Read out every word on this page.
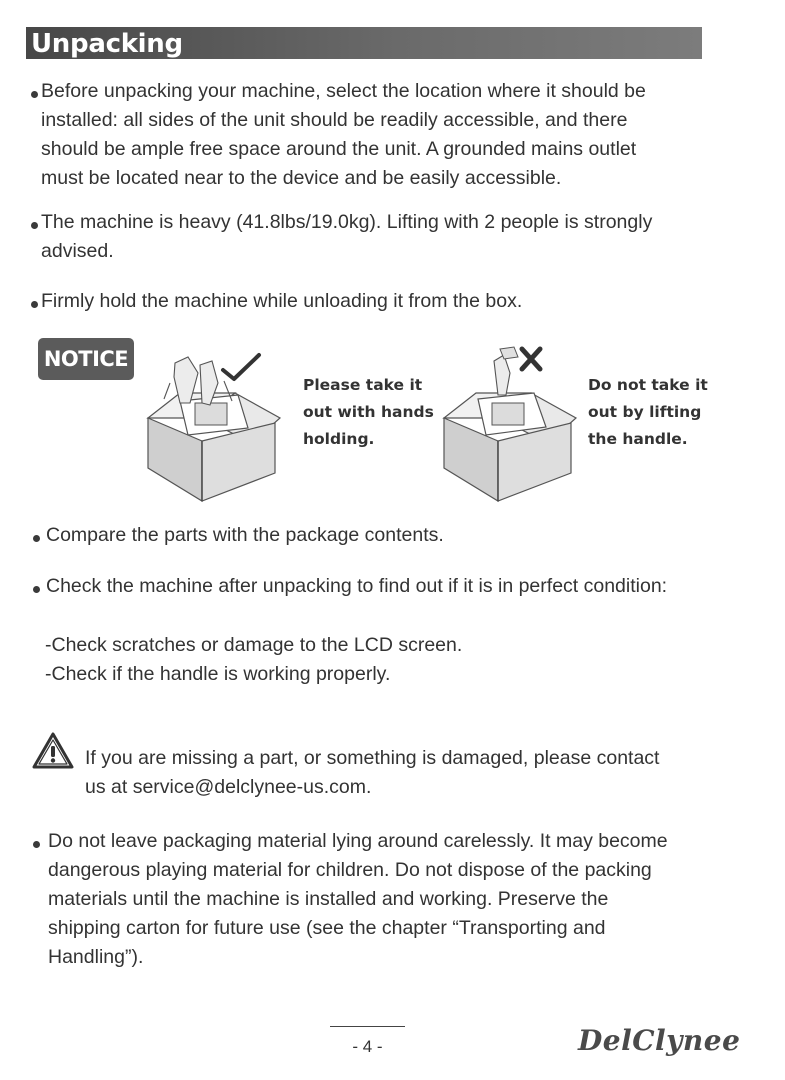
Unpacking

Before unpacking your machine, select the location where it should be
installed: all sides of the unit should be readily accessible, and there
should be ample free space around the unit. A grounded mains outlet
must be located near to the device and be easily accessible.

The machine is heavy (41.8lbs/19.0kg). Lifting with 2 people is strongly
advised.

Firmly hold the machine while unloading it from the box.

NOTICE
Please take it
out with hands
holding.
Do not take it
out by lifting
the handle.

Compare the parts with the package contents.

Check the machine after unpacking to find out if it is in perfect condition:

-Check scratches or damage to the LCD screen.
-Check if the handle is working properly.

If you are missing a part, or something is damaged, please contact
us at service@delclynee-us.com.

Do not leave packaging material lying around carelessly. It may become
dangerous playing material for children. Do not dispose of the packing
materials until the machine is installed and working. Preserve the
shipping carton for future use (see the chapter “Transporting and
Handling”).

- 4 -	DelClynee
